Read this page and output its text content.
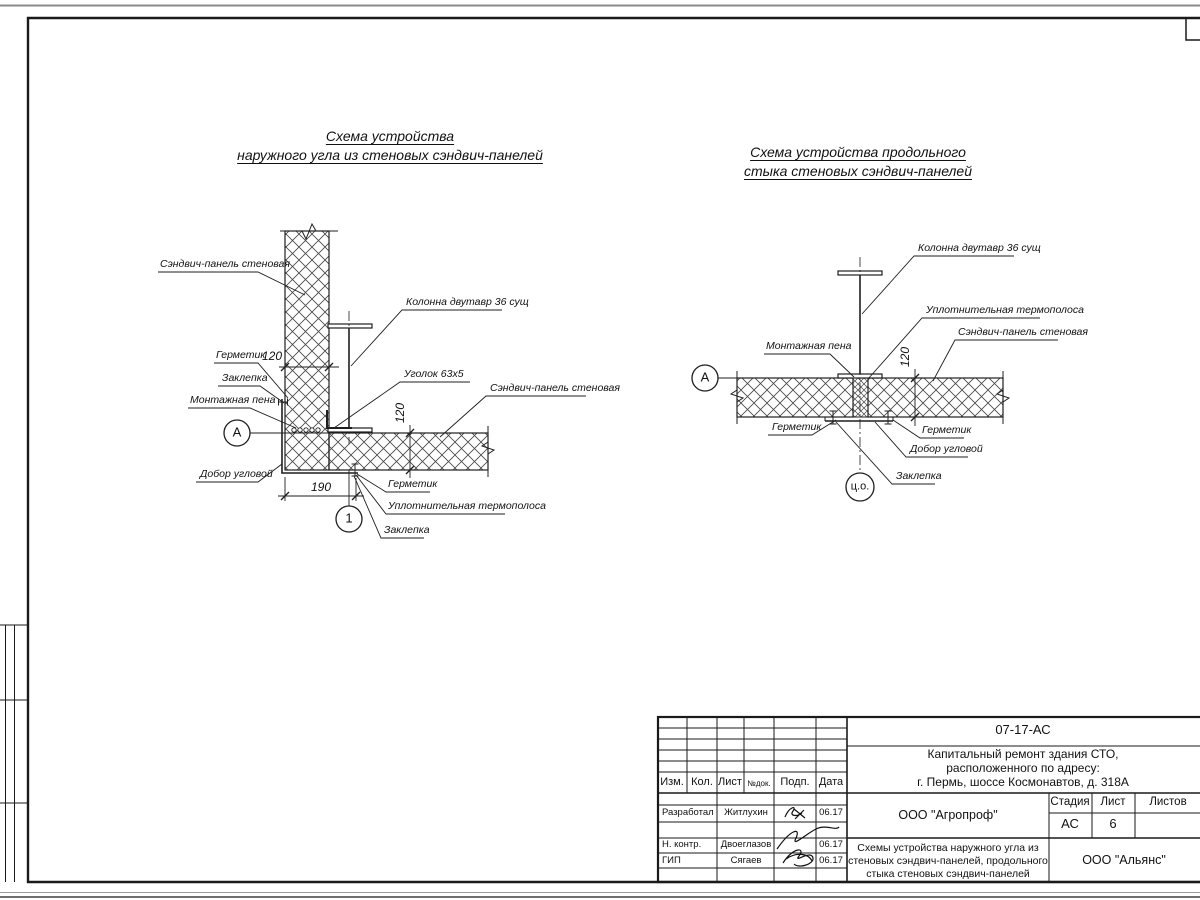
Схема устройства
наружного угла из стеновых сэндвич-панелей	Схема устройства продольного
стыка стеновых сэндвич-панелей
Сэндвич-панель стеновая
Колонна двутавр 36 сущ
Уголок 63х5
Сэндвич-панель стеновая
Герметик
Заклепка
Монтажная пена
Добор угловой
Герметик
Уплотнительная термополоса
Заклепка
120
120
190
А
1
Колонна двутавр 36 сущ
Уплотнительная термополоса
Сэндвич-панель стеновая
Монтажная пена
Герметик	Герметик
Добор угловой
Заклепка
120
А
ц.о.
07-17-АС
Капитальный ремонт здания СТО,
расположенного по адресу:
г. Пермь, шоссе Космонавтов, д. 318А
Изм. Кол. Лист №док. Подп. Дата
Разработал Житлухин	06.17
Н. контр. Двоеглазов	06.17
ГИП	Сягаев	06.17
ООО "Агропроф"
Стадия Лист Листов
АС 6
Схемы устройства наружного угла из
стеновых сэндвич-панелей, продольного
стыка стеновых сэндвич-панелей
ООО "Альянс"
